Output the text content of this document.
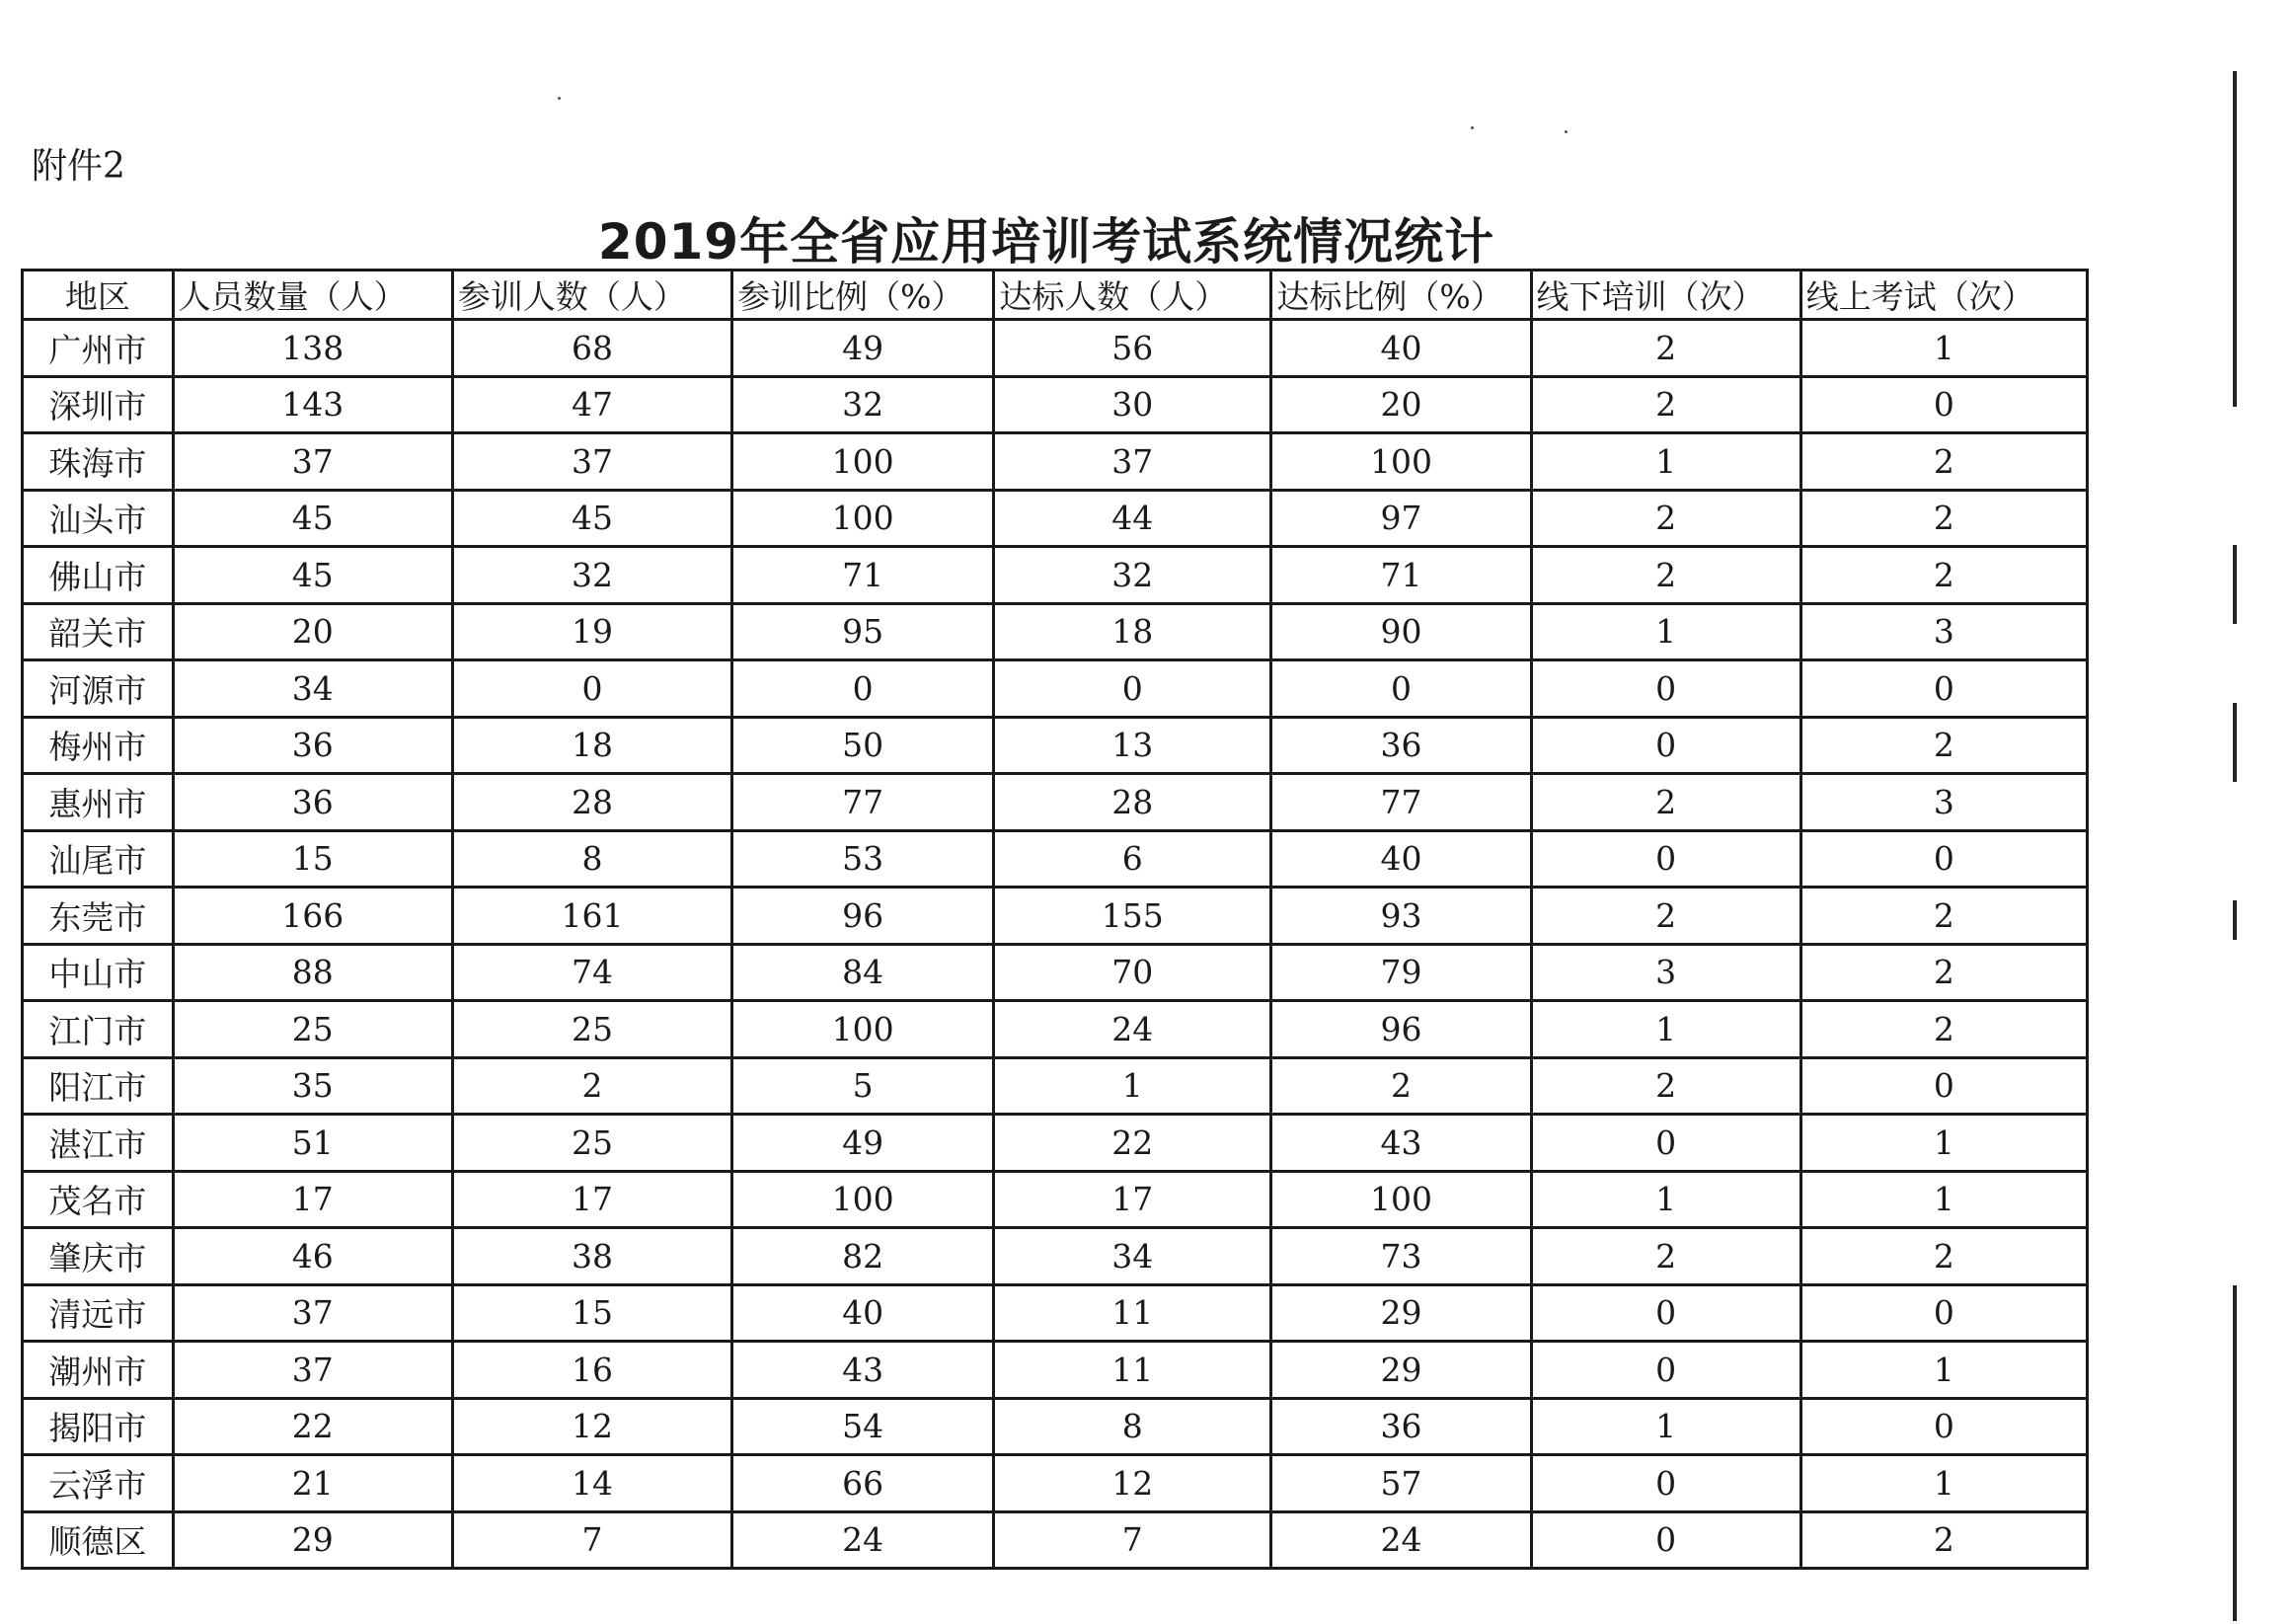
附件2
2019年全省应用培训考试系统情况统计
地区	人员数量（人）	参训人数（人）	参训比例（%）	达标人数（人）	达标比例（%）	线下培训（次）	线上考试（次）
广州市	138	68	49	56	40	2	1
深圳市	143	47	32	30	20	2	0
珠海市	37	37	100	37	100	1	2
汕头市	45	45	100	44	97	2	2
佛山市	45	32	71	32	71	2	2
韶关市	20	19	95	18	90	1	3
河源市	34	0	0	0	0	0	0
梅州市	36	18	50	13	36	0	2
惠州市	36	28	77	28	77	2	3
汕尾市	15	8	53	6	40	0	0
东莞市	166	161	96	155	93	2	2
中山市	88	74	84	70	79	3	2
江门市	25	25	100	24	96	1	2
阳江市	35	2	5	1	2	2	0
湛江市	51	25	49	22	43	0	1
茂名市	17	17	100	17	100	1	1
肇庆市	46	38	82	34	73	2	2
清远市	37	15	40	11	29	0	0
潮州市	37	16	43	11	29	0	1
揭阳市	22	12	54	8	36	1	0
云浮市	21	14	66	12	57	0	1
顺德区	29	7	24	7	24	0	2
